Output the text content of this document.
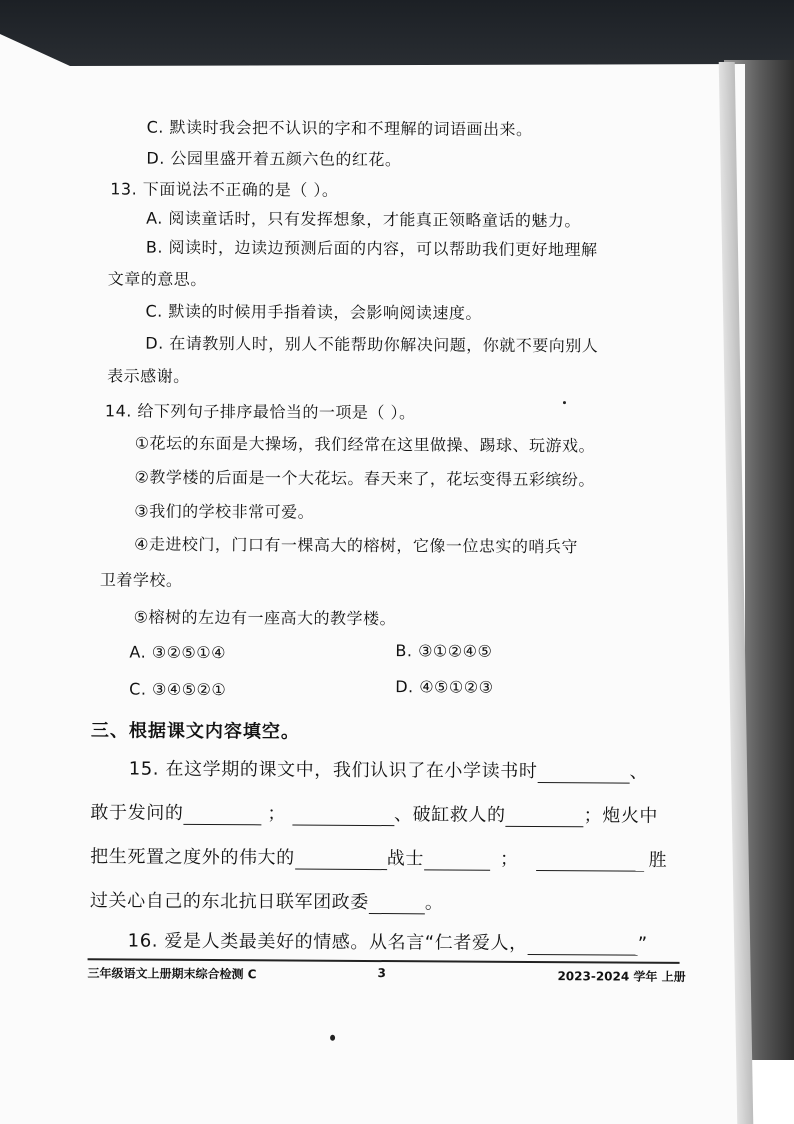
C. 默读时我会把不认识的字和不理解的词语画出来。
D. 公园里盛开着五颜六色的红花。
13. 下面说法不正确的是（ ）。
A. 阅读童话时，只有发挥想象，才能真正领略童话的魅力。
B. 阅读时，边读边预测后面的内容，可以帮助我们更好地理解
文章的意思。
C. 默读的时候用手指着读，会影响阅读速度。
D. 在请教别人时，别人不能帮助你解决问题，你就不要向别人
表示感谢。
14. 给下列句子排序最恰当的一项是（ ）。
①花坛的东面是大操场，我们经常在这里做操、踢球、玩游戏。
②教学楼的后面是一个大花坛。春天来了，花坛变得五彩缤纷。
③我们的学校非常可爱。
④走进校门，门口有一棵高大的榕树，它像一位忠实的哨兵守
卫着学校。
⑤榕树的左边有一座高大的教学楼。
A. ③②⑤①④	B. ③①②④⑤
C. ③④⑤②①	D. ④⑤①②③
三、根据课文内容填空。
15. 在这学期的课文中，我们认识了在小学读书时	、
敢于发问的	；	、破缸救人的	；炮火中
把生死置之度外的伟大的	战士	；	胜
过关心自己的东北抗日联军团政委	。
16. 爱是人类最美好的情感。从名言“仁者爱人，	”
三年级语文上册期末综合检测 C	3	2023-2024 学年 上册
